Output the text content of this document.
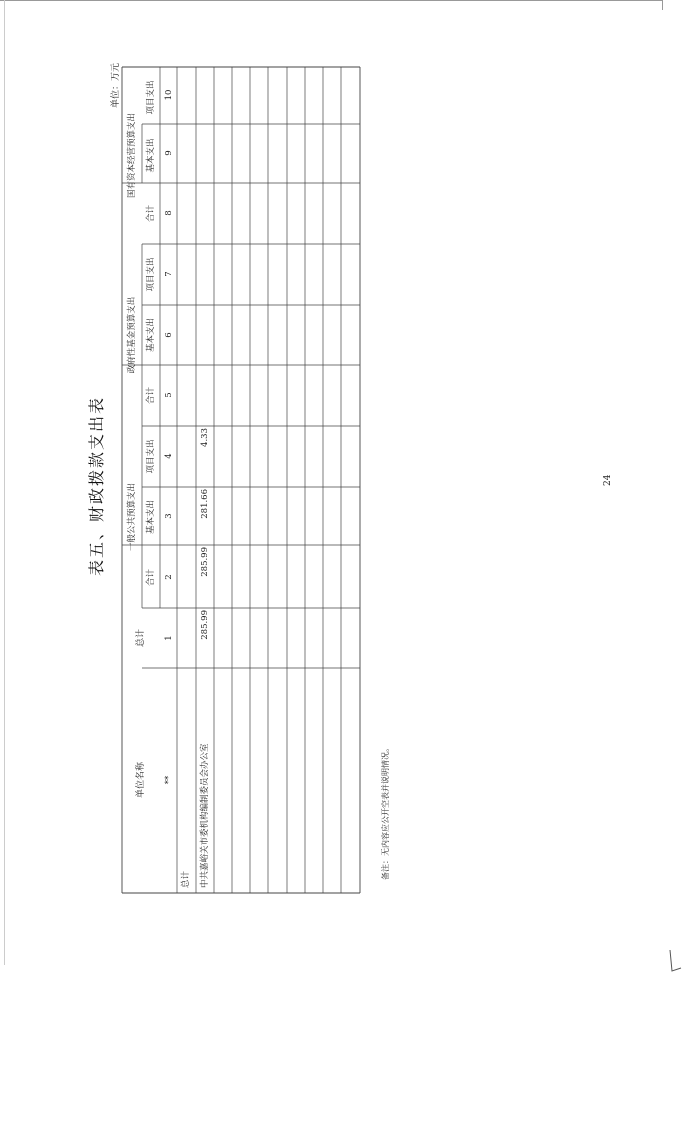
表五、财政拨款支出表
单位：万元
备注：无内容应公开空表并说明情况。
24
单位名称
总计
一般公共预算支出
合计
基本支出
项目支出
政府性基金预算支出
合计
基本支出
项目支出
国有资本经营预算支出
合计
基本支出
项目支出
**
1
2
3
4
5
6
7
8
9
10
总计 中共嘉峪关市委机构编制委员会办公室
285.99
285.99
281.66
4.33
